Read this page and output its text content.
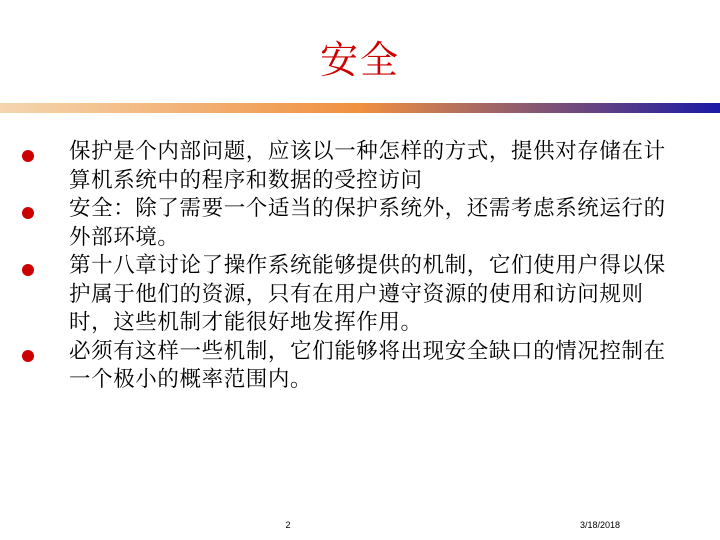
安全
保护是个内部问题，应该以一种怎样的方式，提供对存储在计算机系统中的程序和数据的受控访问
安全：除了需要一个适当的保护系统外，还需考虑系统运行的外部环境。
第十八章讨论了操作系统能够提供的机制，它们使用户得以保护属于他们的资源，只有在用户遵守资源的使用和访问规则时，这些机制才能很好地发挥作用。
必须有这样一些机制，它们能够将出现安全缺口的情况控制在一个极小的概率范围内。
2	3/18/2018
